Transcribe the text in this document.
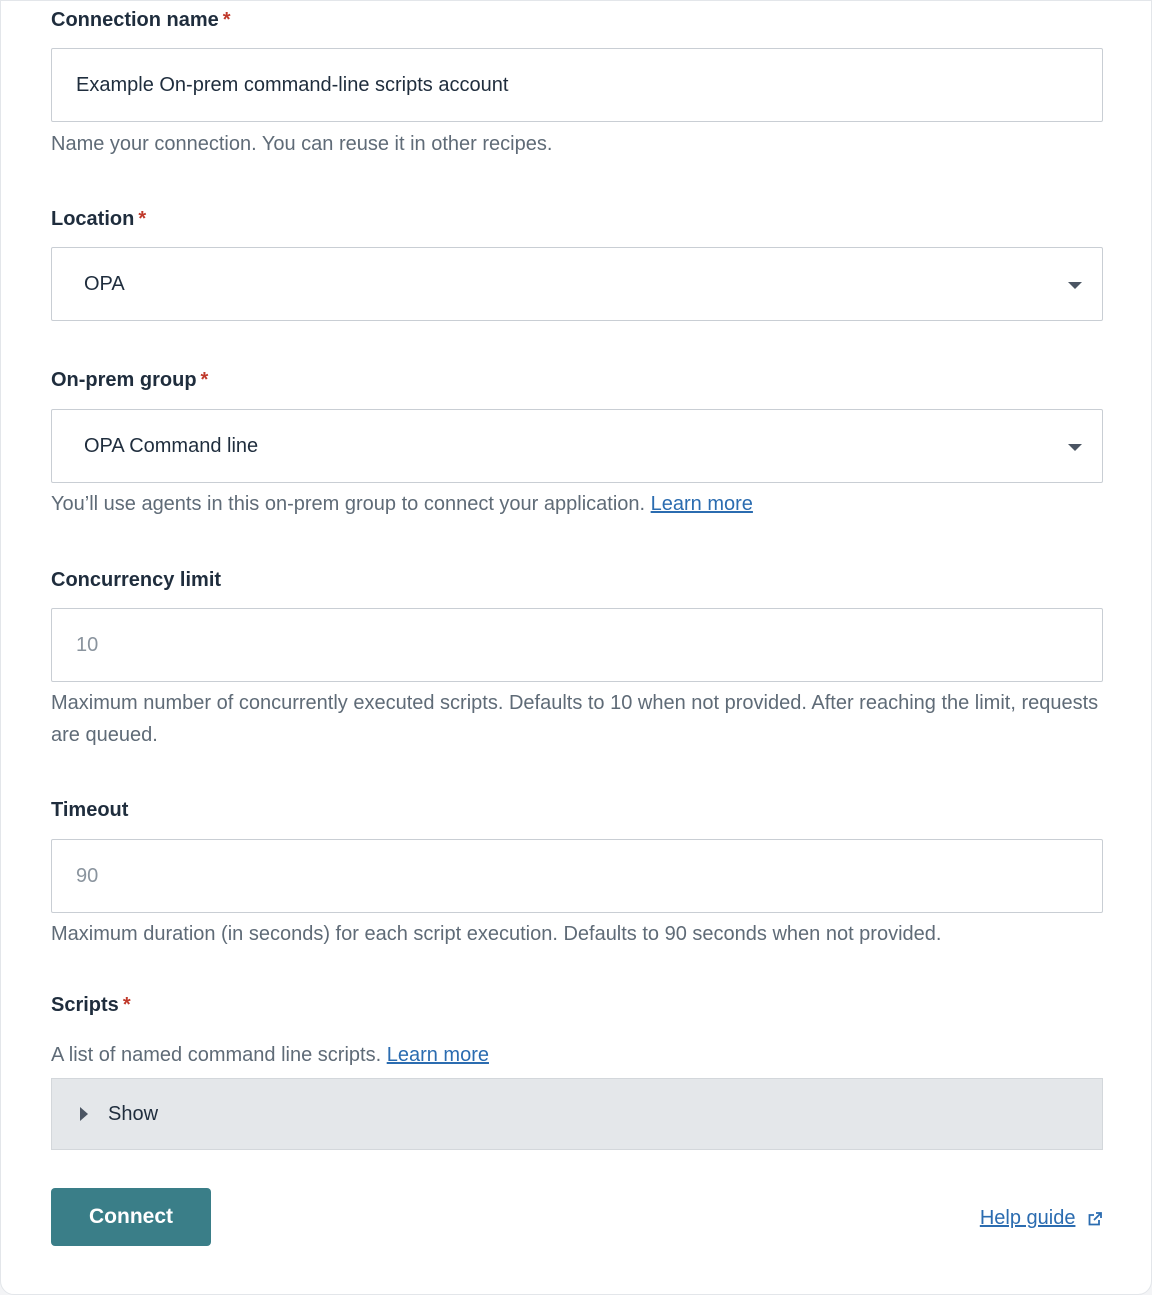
Connection name *
Example On-prem command-line scripts account
Name your connection. You can reuse it in other recipes.
Location *
OPA
On-prem group *
OPA Command line
You’ll use agents in this on-prem group to connect your application. Learn more
Concurrency limit
10
Maximum number of concurrently executed scripts. Defaults to 10 when not provided. After reaching the limit, requests are queued.
Timeout
90
Maximum duration (in seconds) for each script execution. Defaults to 90 seconds when not provided.
Scripts *
A list of named command line scripts. Learn more
Show
Connect	Help guide
